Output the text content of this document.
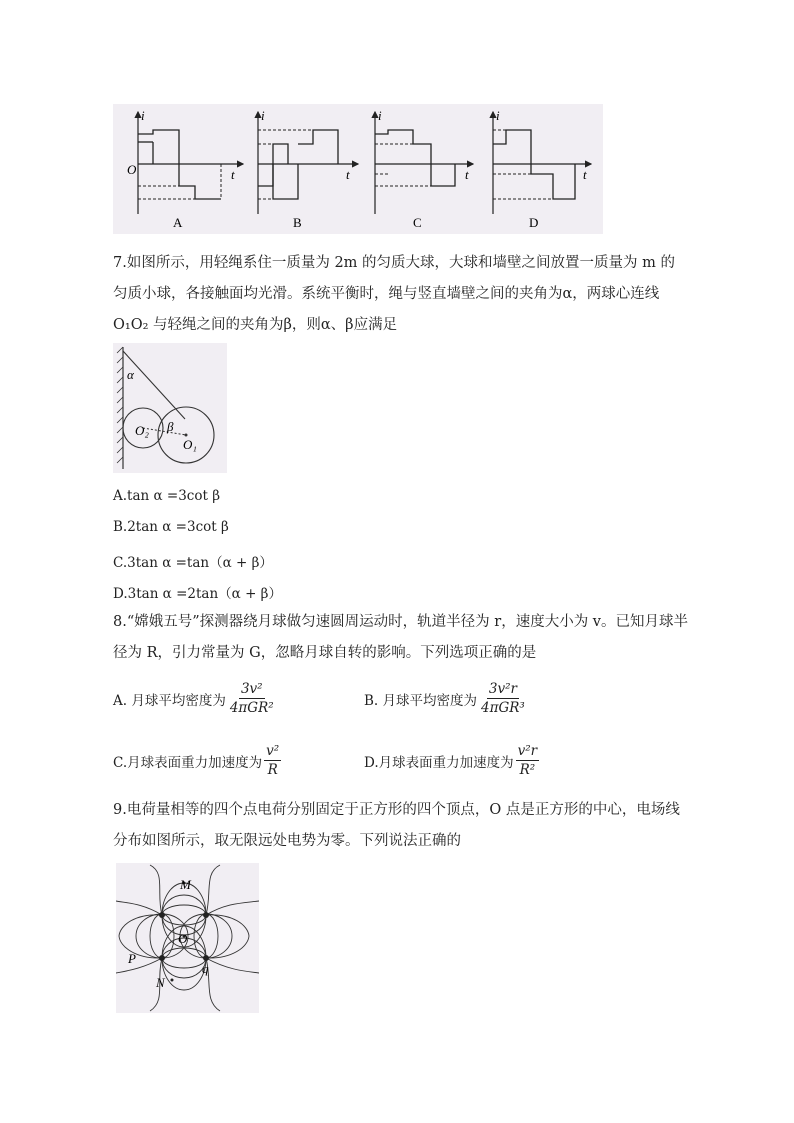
i
t
O
A
i
t
B
i
t
C
i
t
D
7.如图所示，用轻绳系住一质量为 2m 的匀质大球，大球和墙壁之间放置一质量为 m 的匀质小球，各接触面均光滑。系统平衡时，绳与竖直墙壁之间的夹角为α，两球心连线 O₁O₂ 与轻绳之间的夹角为β，则α、β应满足
α
O₂
O₁
β
A.tan α =3cot β
B.2tan α =3cot β
C.3tan α =tan（α + β）
D.3tan α =2tan（α + β）
8.“嫦娥五号”探测器绕月球做匀速圆周运动时，轨道半径为 r，速度大小为 v。已知月球半径为 R，引力常量为 G，忽略月球自转的影响。下列选项正确的是
A. 月球平均密度为 $\frac{\text{3v²}}{\text{4πGR²}}$	B. 月球平均密度为 $\frac{\text{3v²r}}{\text{4πGR³}}$
C.月球表面重力加速度为 $\frac{\text{v²}}{R}$	D.月球表面重力加速度为 $\frac{\text{v²r}}{\text{R²}}$
9.电荷量相等的四个点电荷分别固定于正方形的四个顶点，O 点是正方形的中心，电场线分布如图所示，取无限远处电势为零。下列说法正确的
M
O
P
q
N
